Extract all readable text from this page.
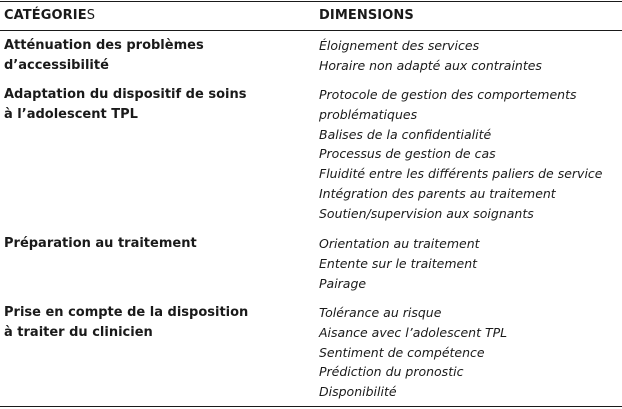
CATÉGORIES	DIMENSIONS
Atténuation des problèmes
d’accessibilité
Éloignement des services
Horaire non adapté aux contraintes
Adaptation du dispositif de soins
à l’adolescent TPL
Protocole de gestion des comportements
problématiques
Balises de la confidentialité
Processus de gestion de cas
Fluidité entre les différents paliers de service
Intégration des parents au traitement
Soutien/supervision aux soignants
Préparation au traitement	Orientation au traitement
Entente sur le traitement
Pairage
Prise en compte de la disposition
à traiter du clinicien
Tolérance au risque
Aisance avec l’adolescent TPL
Sentiment de compétence
Prédiction du pronostic
Disponibilité
